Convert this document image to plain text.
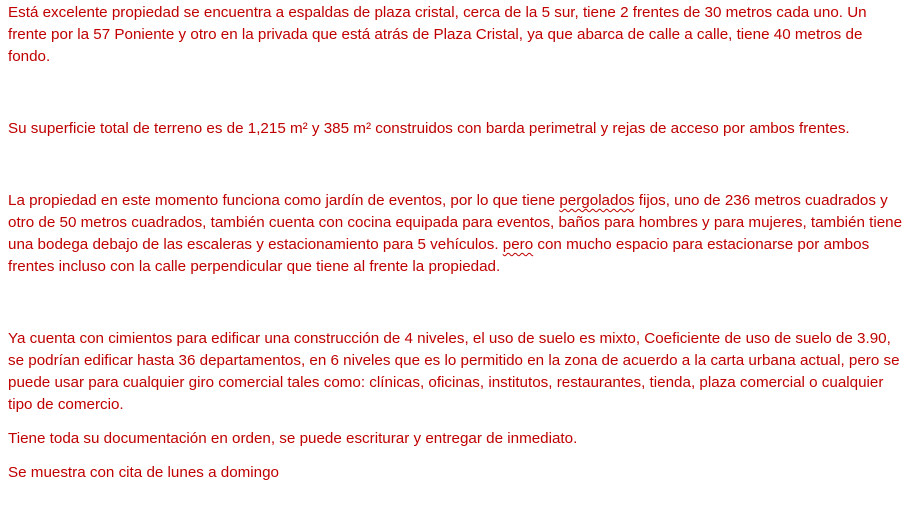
Está excelente propiedad se encuentra a espaldas de plaza cristal, cerca de la 5 sur, tiene 2 frentes de 30 metros cada uno. Un frente por la 57 Poniente y otro en la privada que está atrás de Plaza Cristal, ya que abarca de calle a calle, tiene 40 metros de fondo.

Su superficie total de terreno es de 1,215 m² y 385 m² construidos con barda perimetral y rejas de acceso por ambos frentes.

La propiedad en este momento funciona como jardín de eventos, por lo que tiene pergolados fijos, uno de 236 metros cuadrados y otro de 50 metros cuadrados, también cuenta con cocina equipada para eventos, baños para hombres y para mujeres, también tiene una bodega debajo de las escaleras y estacionamiento para 5 vehículos. pero con mucho espacio para estacionarse por ambos frentes incluso con la calle perpendicular que tiene al frente la propiedad.

Ya cuenta con cimientos para edificar una construcción de 4 niveles, el uso de suelo es mixto, Coeficiente de uso de suelo de 3.90, se podrían edificar hasta 36 departamentos, en 6 niveles que es lo permitido en la zona de acuerdo a la carta urbana actual, pero se puede usar para cualquier giro comercial tales como: clínicas, oficinas, institutos, restaurantes, tienda, plaza comercial o cualquier tipo de comercio.

Tiene toda su documentación en orden, se puede escriturar y entregar de inmediato.

Se muestra con cita de lunes a domingo
